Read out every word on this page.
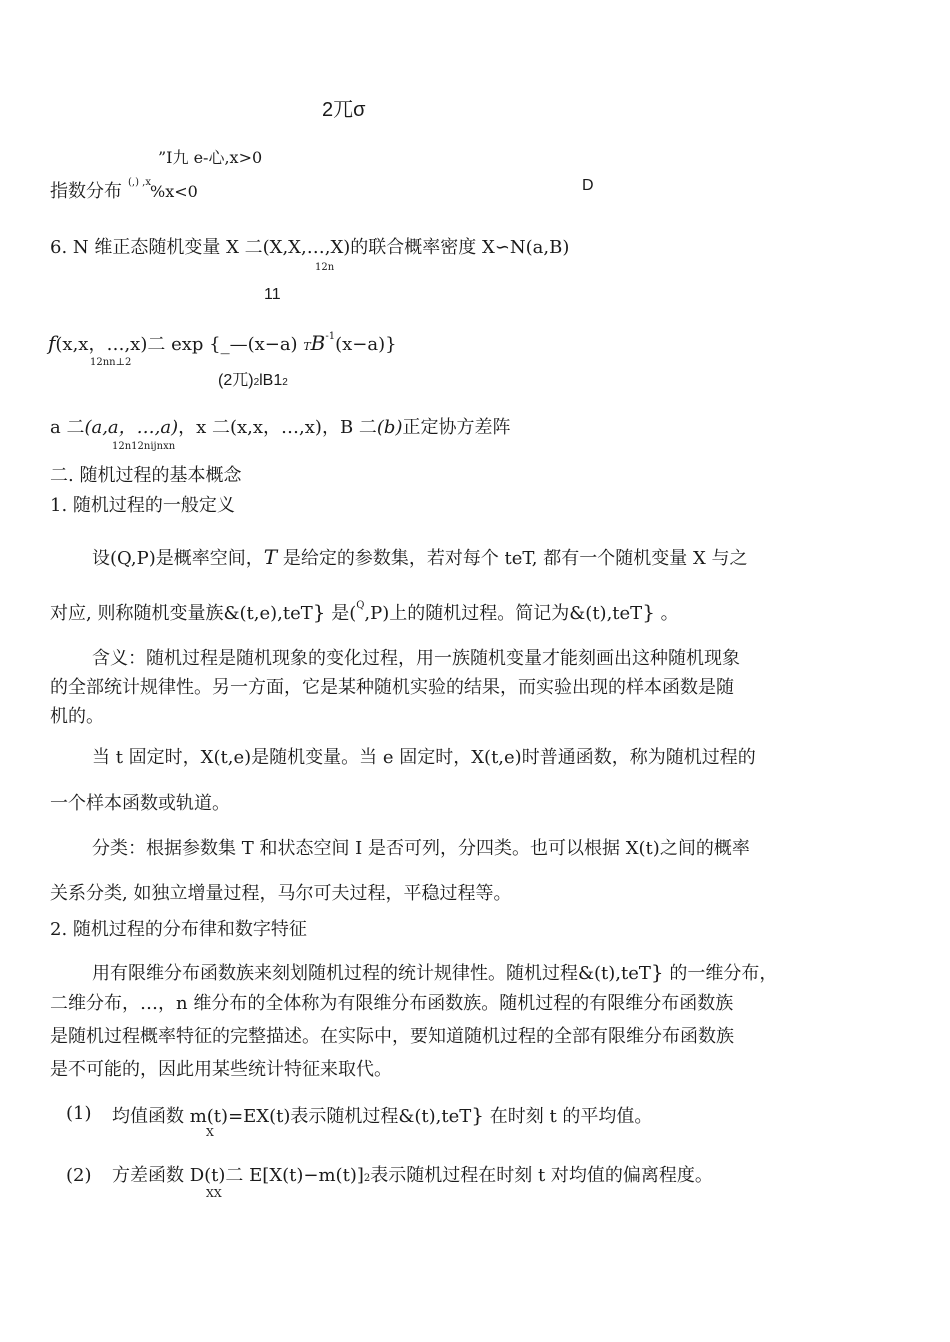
2兀σ
”I九 e-心,x>0
指数分布 (,) ,x %x<0	D
6. N 维正态随机变量 X 二(X,X,…,X)的联合概率密度 X∽N(a,B)
12n
11
f(x,x，…,x)二 exp {_—(x−a) $TB^{-1}(x-a)$}
12nn⊥2
(2兀)2lB12
a 二(a,a，…,a)，x 二(x,x，…,x)，B 二(b)正定协方差阵
12n12nijnxn
二. 随机过程的基本概念
1. 随机过程的一般定义
设(Q,P)是概率空间，T 是给定的参数集，若对每个 teT, 都有一个随机变量 X 与之
对应, 则称随机变量族&(t,e),teT} 是($^Q$,P)上的随机过程。简记为&(t),teT} 。
含义：随机过程是随机现象的变化过程，用一族随机变量才能刻画出这种随机现象
的全部统计规律性。另一方面，它是某种随机实验的结果，而实验出现的样本函数是随
机的。
当 t 固定时，X(t,e)是随机变量。当 e 固定时，X(t,e)时普通函数，称为随机过程的
一个样本函数或轨道。
分类：根据参数集 T 和状态空间 I 是否可列，分四类。也可以根据 X(t)之间的概率
关系分类, 如独立增量过程，马尔可夫过程，平稳过程等。
2. 随机过程的分布律和数字特征
用有限维分布函数族来刻划随机过程的统计规律性。随机过程&(t),teT} 的一维分布，
二维分布，…，n 维分布的全体称为有限维分布函数族。随机过程的有限维分布函数族
是随机过程概率特征的完整描述。在实际中，要知道随机过程的全部有限维分布函数族
是不可能的，因此用某些统计特征来取代。
(1) 均值函数 m(t)=EX(t)表示随机过程&(t),teT} 在时刻 t 的平均值。
X
(2) 方差函数 D(t)二 E[X(t)−m(t)]2表示随机过程在时刻 t 对均值的偏离程度。
XX
